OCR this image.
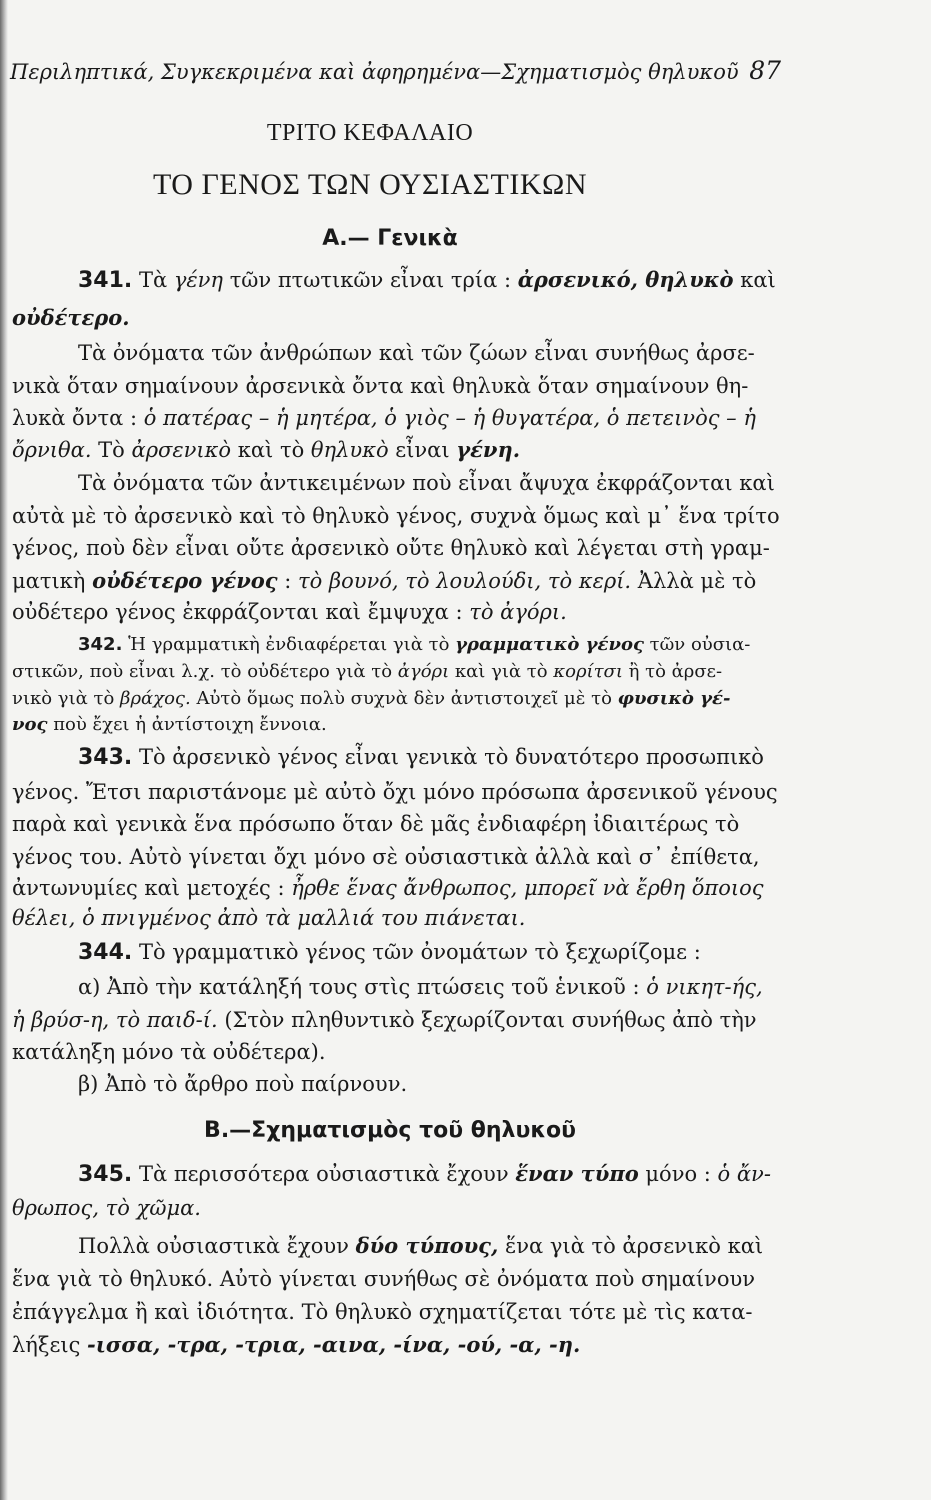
Περιληπτικά, Συγκεκριμένα καὶ ἀφηρημένα—Σχηματισμὸς θηλυκοῦ 87
ΤΡΙΤΟ ΚΕΦΑΛΑΙΟ
ΤΟ ΓΕΝΟΣ ΤΩΝ ΟΥΣΙΑΣΤΙΚΩΝ
Α.— Γενικὰ
341. Τὰ γένη τῶν πτωτικῶν εἶναι τρία : ἀρσενικό, θηλυκὸ καὶ
οὐδέτερο.
Τὰ ὀνόματα τῶν ἀνθρώπων καὶ τῶν ζώων εἶναι συνήθως ἀρσε-
νικὰ ὅταν σημαίνουν ἀρσενικὰ ὄντα καὶ θηλυκὰ ὅταν σημαίνουν θη-
λυκὰ ὄντα : ὁ πατέρας – ἡ μητέρα, ὁ γιὸς – ἡ θυγατέρα, ὁ πετεινὸς – ἡ
ὄρνιθα. Τὸ ἀρσενικὸ καὶ τὸ θηλυκὸ εἶναι γένη.
Τὰ ὀνόματα τῶν ἀντικειμένων ποὺ εἶναι ἄψυχα ἐκφράζονται καὶ
αὐτὰ μὲ τὸ ἀρσενικὸ καὶ τὸ θηλυκὸ γένος, συχνὰ ὅμως καὶ μ᾽ ἕνα τρίτο
γένος, ποὺ δὲν εἶναι οὔτε ἀρσενικὸ οὔτε θηλυκὸ καὶ λέγεται στὴ γραμ-
ματικὴ οὐδέτερο γένος : τὸ βουνό, τὸ λουλούδι, τὸ κερί. Ἀλλὰ μὲ τὸ
οὐδέτερο γένος ἐκφράζονται καὶ ἔμψυχα : τὸ ἀγόρι.
342. Ἡ γραμματικὴ ἐνδιαφέρεται γιὰ τὸ γραμματικὸ γένος τῶν οὐσια-
στικῶν, ποὺ εἶναι λ.χ. τὸ οὐδέτερο γιὰ τὸ ἀγόρι καὶ γιὰ τὸ κορίτσι ἢ τὸ ἀρσε-
νικὸ γιὰ τὸ βράχος. Αὐτὸ ὅμως πολὺ συχνὰ δὲν ἀντιστοιχεῖ μὲ τὸ φυσικὸ γέ-
νος ποὺ ἔχει ἡ ἀντίστοιχη ἔννοια.
343. Τὸ ἀρσενικὸ γένος εἶναι γενικὰ τὸ δυνατότερο προσωπικὸ
γένος. Ἔτσι παριστάνομε μὲ αὐτὸ ὄχι μόνο πρόσωπα ἀρσενικοῦ γένους
παρὰ καὶ γενικὰ ἕνα πρόσωπο ὅταν δὲ μᾶς ἐνδιαφέρη ἰδιαιτέρως τὸ
γένος του. Αὐτὸ γίνεται ὄχι μόνο σὲ οὐσιαστικὰ ἀλλὰ καὶ σ᾽ ἐπίθετα,
ἀντωνυμίες καὶ μετοχές : ἦρθε ἕνας ἄνθρωπος, μπορεῖ νὰ ἔρθη ὅποιος
θέλει, ὁ πνιγμένος ἀπὸ τὰ μαλλιά του πιάνεται.
344. Τὸ γραμματικὸ γένος τῶν ὀνομάτων τὸ ξεχωρίζομε :
α) Ἀπὸ τὴν κατάληξή τους στὶς πτώσεις τοῦ ἑνικοῦ : ὁ νικητ-ής,
ἡ βρύσ-η, τὸ παιδ-ί. (Στὸν πληθυντικὸ ξεχωρίζονται συνήθως ἀπὸ τὴν
κατάληξη μόνο τὰ οὐδέτερα).
β) Ἀπὸ τὸ ἄρθρο ποὺ παίρνουν.
Β.—Σχηματισμὸς τοῦ θηλυκοῦ
345. Τὰ περισσότερα οὐσιαστικὰ ἔχουν ἕναν τύπο μόνο : ὁ ἄν-
θρωπος, τὸ χῶμα.
Πολλὰ οὐσιαστικὰ ἔχουν δύο τύπους, ἕνα γιὰ τὸ ἀρσενικὸ καὶ
ἕνα γιὰ τὸ θηλυκό. Αὐτὸ γίνεται συνήθως σὲ ὀνόματα ποὺ σημαίνουν
ἐπάγγελμα ἢ καὶ ἰδιότητα. Τὸ θηλυκὸ σχηματίζεται τότε μὲ τὶς κατα-
λήξεις -ισσα, -τρα, -τρια, -αινα, -ίνα, -ού, -α, -η.
